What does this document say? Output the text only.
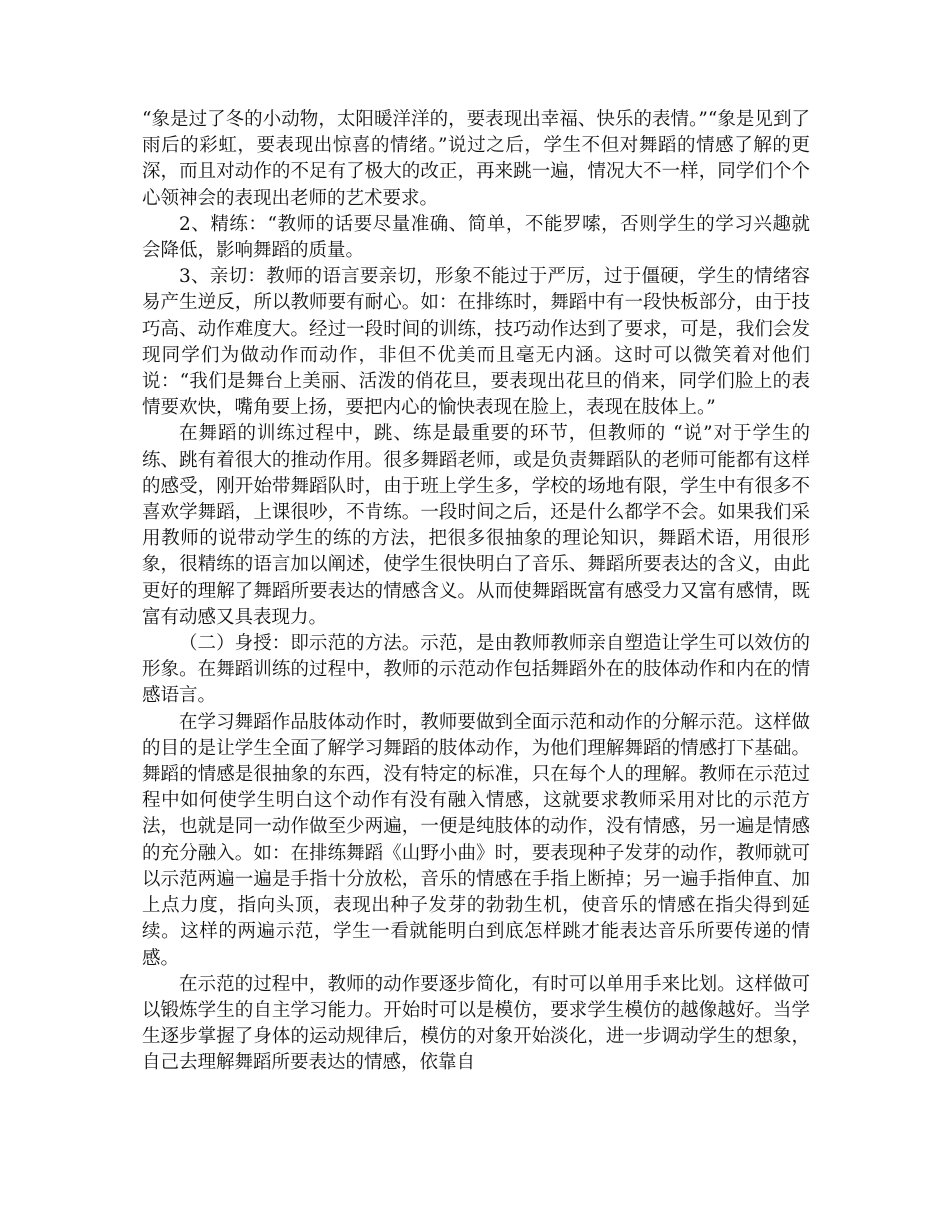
“象是过了冬的小动物，太阳暖洋洋的，要表现出幸福、快乐的表情。”“象是见到了雨后的彩虹，要表现出惊喜的情绪。”说过之后，学生不但对舞蹈的情感了解的更深，而且对动作的不足有了极大的改正，再来跳一遍，情况大不一样，同学们个个心领神会的表现出老师的艺术要求。

2、精练：“教师的话要尽量准确、简单，不能罗嗦，否则学生的学习兴趣就会降低，影响舞蹈的质量。

3、亲切：教师的语言要亲切，形象不能过于严厉，过于僵硬，学生的情绪容易产生逆反，所以教师要有耐心。如：在排练时，舞蹈中有一段快板部分，由于技巧高、动作难度大。经过一段时间的训练，技巧动作达到了要求，可是，我们会发现同学们为做动作而动作，非但不优美而且毫无内涵。这时可以微笑着对他们说：“我们是舞台上美丽、活泼的俏花旦，要表现出花旦的俏来，同学们脸上的表情要欢快，嘴角要上扬，要把内心的愉快表现在脸上，表现在肢体上。”

在舞蹈的训练过程中，跳、练是最重要的环节，但教师的 “说”对于学生的练、跳有着很大的推动作用。很多舞蹈老师，或是负责舞蹈队的老师可能都有这样的感受，刚开始带舞蹈队时，由于班上学生多，学校的场地有限，学生中有很多不喜欢学舞蹈，上课很吵，不肯练。一段时间之后，还是什么都学不会。如果我们采用教师的说带动学生的练的方法，把很多很抽象的理论知识，舞蹈术语，用很形象，很精练的语言加以阐述，使学生很快明白了音乐、舞蹈所要表达的含义，由此更好的理解了舞蹈所要表达的情感含义。从而使舞蹈既富有感受力又富有感情，既富有动感又具表现力。

（二）身授：即示范的方法。示范，是由教师教师亲自塑造让学生可以效仿的形象。在舞蹈训练的过程中，教师的示范动作包括舞蹈外在的肢体动作和内在的情 感语言。

在学习舞蹈作品肢体动作时，教师要做到全面示范和动作的分解示范。这样做的目的是让学生全面了解学习舞蹈的肢体动作，为他们理解舞蹈的情感打下基础。舞蹈的情感是很抽象的东西，没有特定的标准，只在每个人的理解。教师在示范过程中如何使学生明白这个动作有没有融入情感，这就要求教师采用对比的示范方法，也就是同一动作做至少两遍，一便是纯肢体的动作，没有情感，另一遍是情感的充分融入。如：在排练舞蹈《山野小曲》时，要表现种子发芽的动作，教师就可以示范两遍一遍是手指十分放松，音乐的情感在手指上断掉；另一遍手指伸直、加上点力度，指向头顶，表现出种子发芽的勃勃生机，使音乐的情感在指尖得到延续。这样的两遍示范，学生一看就能明白到底怎样跳才能表达音乐所要传递的情感。

在示范的过程中，教师的动作要逐步简化，有时可以单用手来比划。这样做可以锻炼学生的自主学习能力。开始时可以是模仿，要求学生模仿的越像越好。当学生逐步掌握了身体的运动规律后，模仿的对象开始淡化，进一步调动学生的想象，自己去理解舞蹈所要表达的情感，依靠自
